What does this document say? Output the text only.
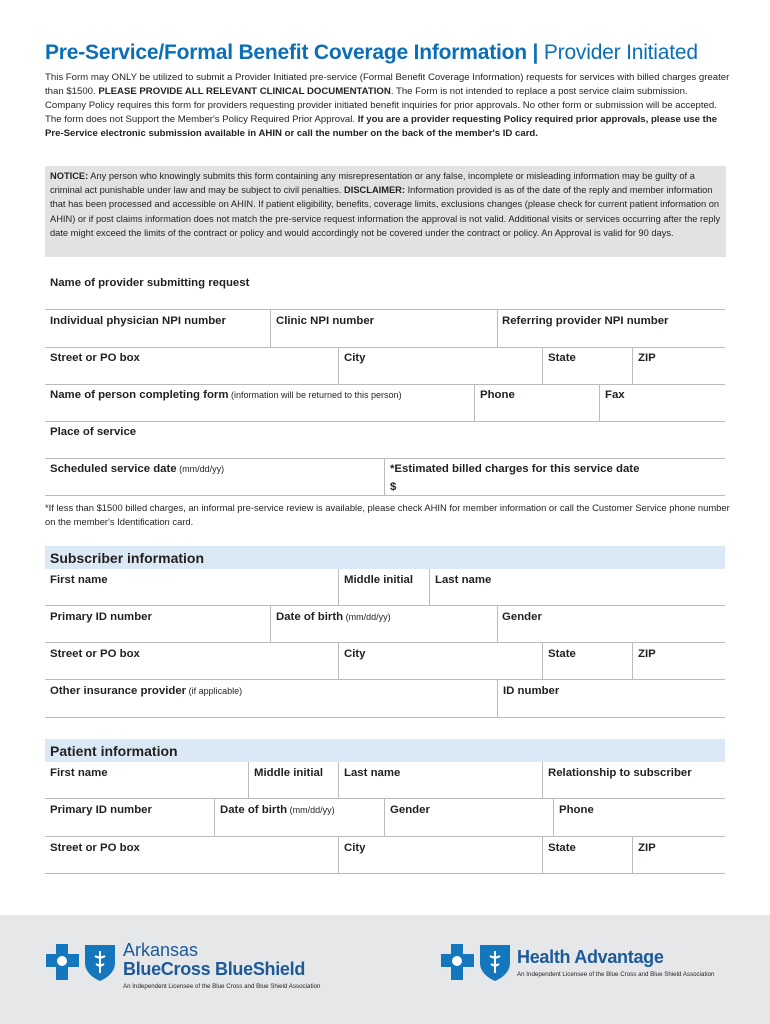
Pre-Service/Formal Benefit Coverage Information | Provider Initiated
This Form may ONLY be utilized to submit a Provider Initiated pre-service (Formal Benefit Coverage Information) requests for services with billed charges greater than $1500. PLEASE PROVIDE ALL RELEVANT CLINICAL DOCUMENTATION. The Form is not intended to replace a post service claim submission. Company Policy requires this form for providers requesting provider initiated benefit inquiries for prior approvals. No other form or submission will be accepted. The form does not Support the Member's Policy Required Prior Approval. If you are a provider requesting Policy required prior approvals, please use the Pre-Service electronic submission available in AHIN or call the number on the back of the member's ID card.
NOTICE: Any person who knowingly submits this form containing any misrepresentation or any false, incomplete or misleading information may be guilty of a criminal act punishable under law and may be subject to civil penalties. DISCLAIMER: Information provided is as of the date of the reply and member information that has been processed and accessible on AHIN. If patient eligibility, benefits, coverage limits, exclusions changes (please check for current patient information on AHIN) or if post claims information does not match the pre-service request information the approval is not valid. Additional visits or services occurring after the reply date might exceed the limits of the contract or policy and would accordingly not be covered under the contract or policy. An Approval is valid for 90 days.
Name of provider submitting request
Individual physician NPI number	Clinic NPI number	Referring provider NPI number
Street or PO box	City	State	ZIP
Name of person completing form (information will be returned to this person)	Phone	Fax
Place of service
Scheduled service date (mm/dd/yy)	*Estimated billed charges for this service date
$
*If less than $1500 billed charges, an informal pre-service review is available, please check AHIN for member information or call the Customer Service phone number on the member's Identification card.
Subscriber information
First name	Middle initial Last name
Primary ID number	Date of birth (mm/dd/yy)	Gender
Street or PO box	City	State	ZIP
Other insurance provider (if applicable)	ID number
Patient information
First name	Middle initial Last name	Relationship to subscriber
Primary ID number	Date of birth (mm/dd/yy)	Gender	Phone
Street or PO box	City	State	ZIP
Arkansas
BlueCross BlueShield
An Independent Licensee of the Blue Cross and Blue Shield Association
Health Advantage
An Independent Licensee of the Blue Cross and Blue Shield Association
